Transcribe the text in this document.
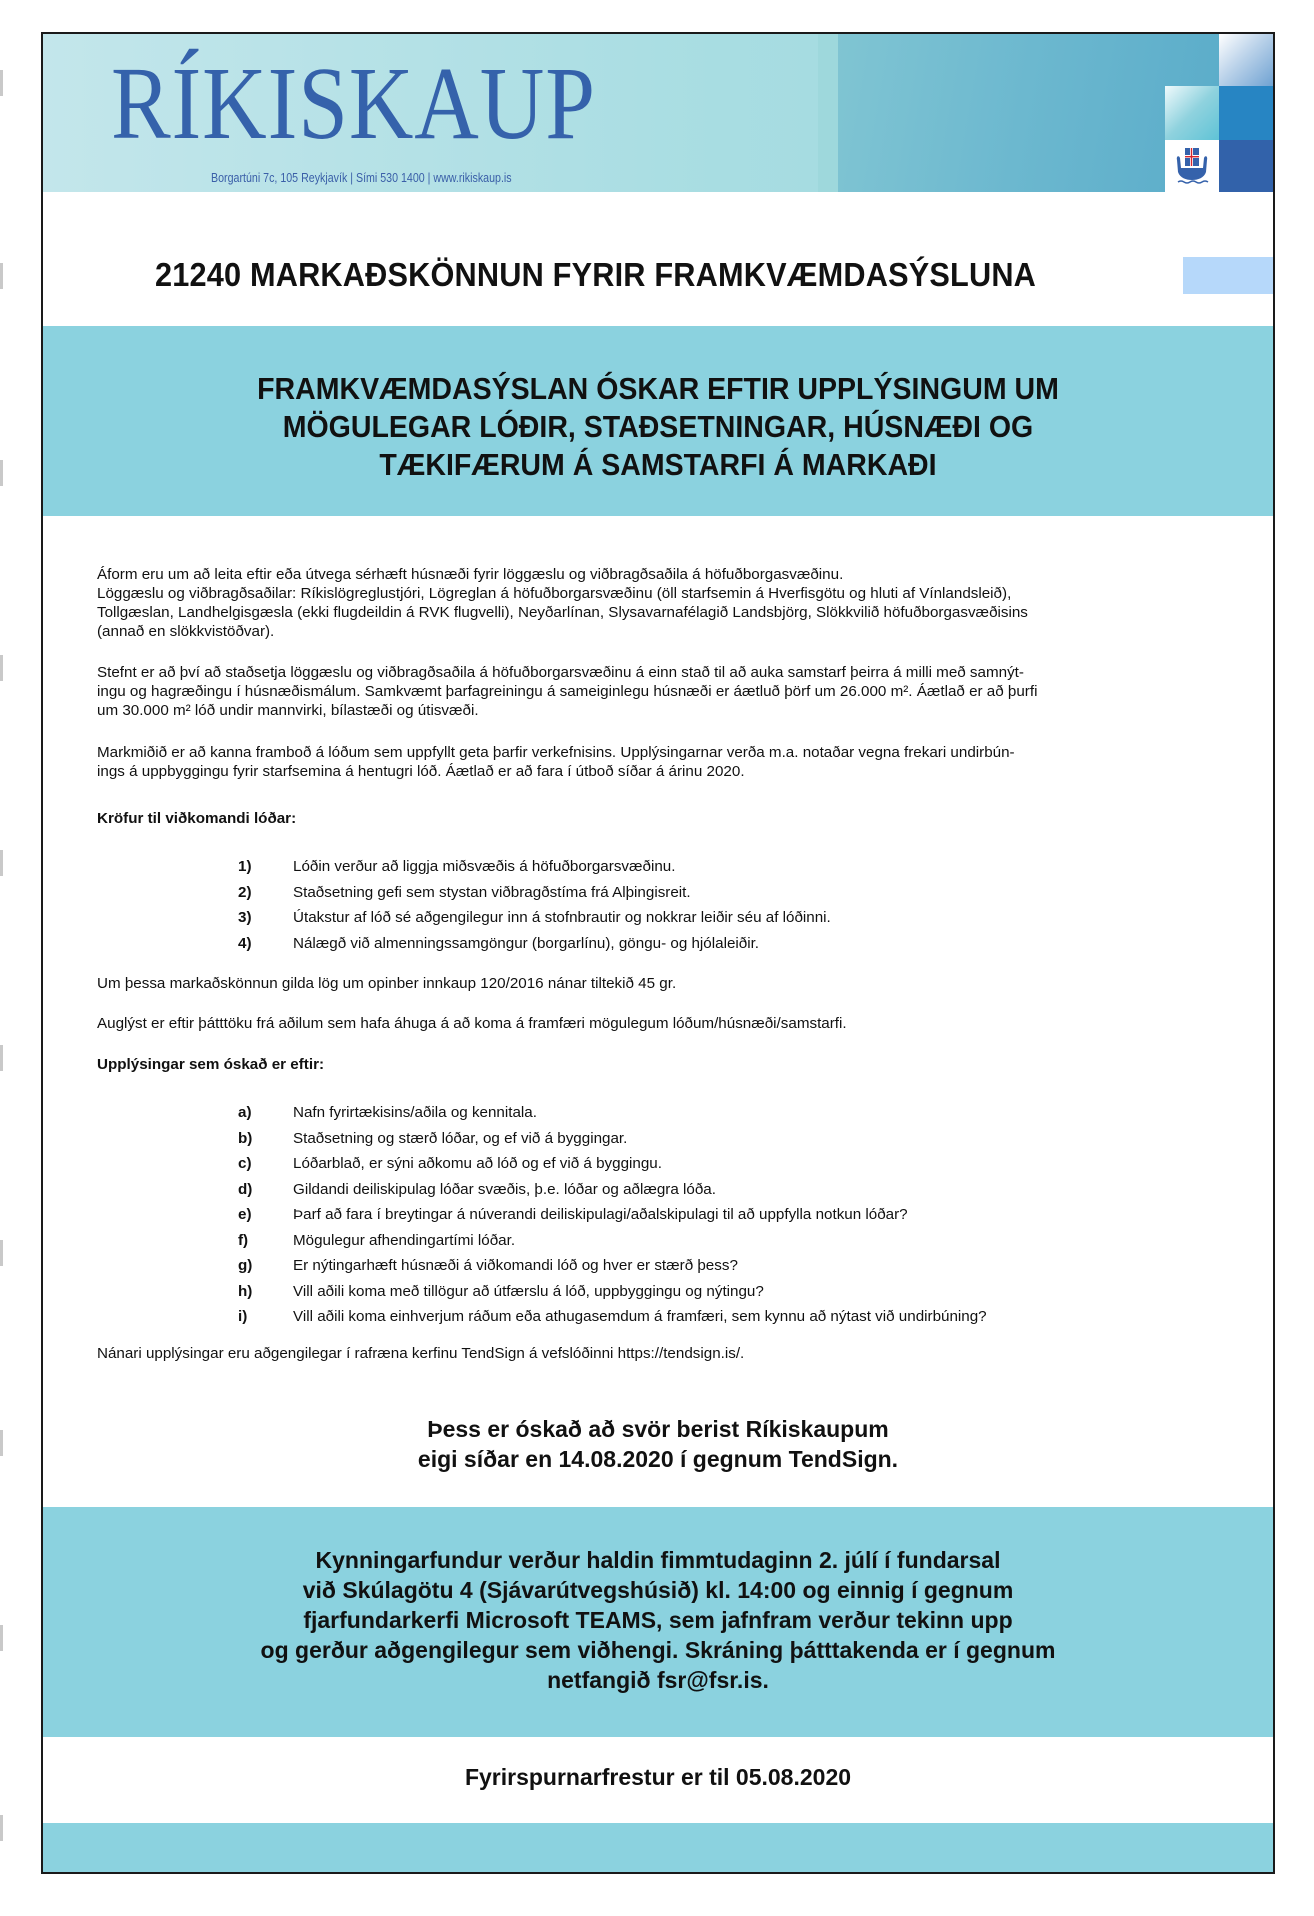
RÍKISKAUP
Borgartúni 7c, 105 Reykjavík | Sími 530 1400 | www.rikiskaup.is
21240 MARKAÐSKÖNNUN FYRIR FRAMKVÆMDASÝSLUNA
FRAMKVÆMDASÝSLAN ÓSKAR EFTIR UPPLÝSINGUM UM
MÖGULEGAR LÓÐIR, STAÐSETNINGAR, HÚSNÆÐI OG
TÆKIFÆRUM Á SAMSTARFI Á MARKAÐI

Áform eru um að leita eftir eða útvega sérhæft húsnæði fyrir löggæslu og viðbragðsaðila á höfuðborgasvæðinu.

Löggæslu og viðbragðsaðilar: Ríkislögreglustjóri, Lögreglan á höfuðborgarsvæðinu (öll starfsemin á Hverfisgötu og hluti af Vínlandsleið),

Tollgæslan, Landhelgisgæsla (ekki flugdeildin á RVK flugvelli), Neyðarlínan, Slysavarnafélagið Landsbjörg, Slökkvilið höfuðborgasvæðisins

(annað en slökkvistöðvar).

Stefnt er að því að staðsetja löggæslu og viðbragðsaðila á höfuðborgarsvæðinu á einn stað til að auka samstarf þeirra á milli með samnýt-

ingu og hagræðingu í húsnæðismálum. Samkvæmt þarfagreiningu á sameiginlegu húsnæði er áætluð þörf um 26.000 m². Áætlað er að þurfi

um 30.000 m² lóð undir mannvirki, bílastæði og útisvæði.

Markmiðið er að kanna framboð á lóðum sem uppfyllt geta þarfir verkefnisins. Upplýsingarnar verða m.a. notaðar vegna frekari undirbún-

ings á uppbyggingu fyrir starfsemina á hentugri lóð. Áætlað er að fara í útboð síðar á árinu 2020.

Kröfur til viðkomandi lóðar:
1)	Lóðin verður að liggja miðsvæðis á höfuðborgarsvæðinu.
2)	Staðsetning gefi sem stystan viðbragðstíma frá Alþingisreit.
3)	Útakstur af lóð sé aðgengilegur inn á stofnbrautir og nokkrar leiðir séu af lóðinni.
4)	Nálægð við almenningssamgöngur (borgarlínu), göngu- og hjólaleiðir.
Um þessa markaðskönnun gilda lög um opinber innkaup 120/2016 nánar tiltekið 45 gr.
Auglýst er eftir þátttöku frá aðilum sem hafa áhuga á að koma á framfæri mögulegum lóðum/húsnæði/samstarfi.
Upplýsingar sem óskað er eftir:
a)	Nafn fyrirtækisins/aðila og kennitala.
b)	Staðsetning og stærð lóðar, og ef við á byggingar.
c)	Lóðarblað, er sýni aðkomu að lóð og ef við á byggingu.
d)	Gildandi deiliskipulag lóðar svæðis, þ.e. lóðar og aðlægra lóða.
e)	Þarf að fara í breytingar á núverandi deiliskipulagi/aðalskipulagi til að uppfylla notkun lóðar?
f)	Mögulegur afhendingartími lóðar.
g)	Er nýtingarhæft húsnæði á viðkomandi lóð og hver er stærð þess?
h)	Vill aðili koma með tillögur að útfærslu á lóð, uppbyggingu og nýtingu?
i)	Vill aðili koma einhverjum ráðum eða athugasemdum á framfæri, sem kynnu að nýtast við undirbúning?
Nánari upplýsingar eru aðgengilegar í rafræna kerfinu TendSign á vefslóðinni https://tendsign.is/.
Þess er óskað að svör berist Ríkiskaupum
eigi síðar en 14.08.2020 í gegnum TendSign.
Kynningarfundur verður haldin fimmtudaginn 2. júlí í fundarsal
við Skúlagötu 4 (Sjávarútvegshúsið) kl. 14:00 og einnig í gegnum
fjarfundarkerfi Microsoft TEAMS, sem jafnfram verður tekinn upp
og gerður aðgengilegur sem viðhengi. Skráning þátttakenda er í gegnum
netfangið fsr@fsr.is.
Fyrirspurnarfrestur er til 05.08.2020
